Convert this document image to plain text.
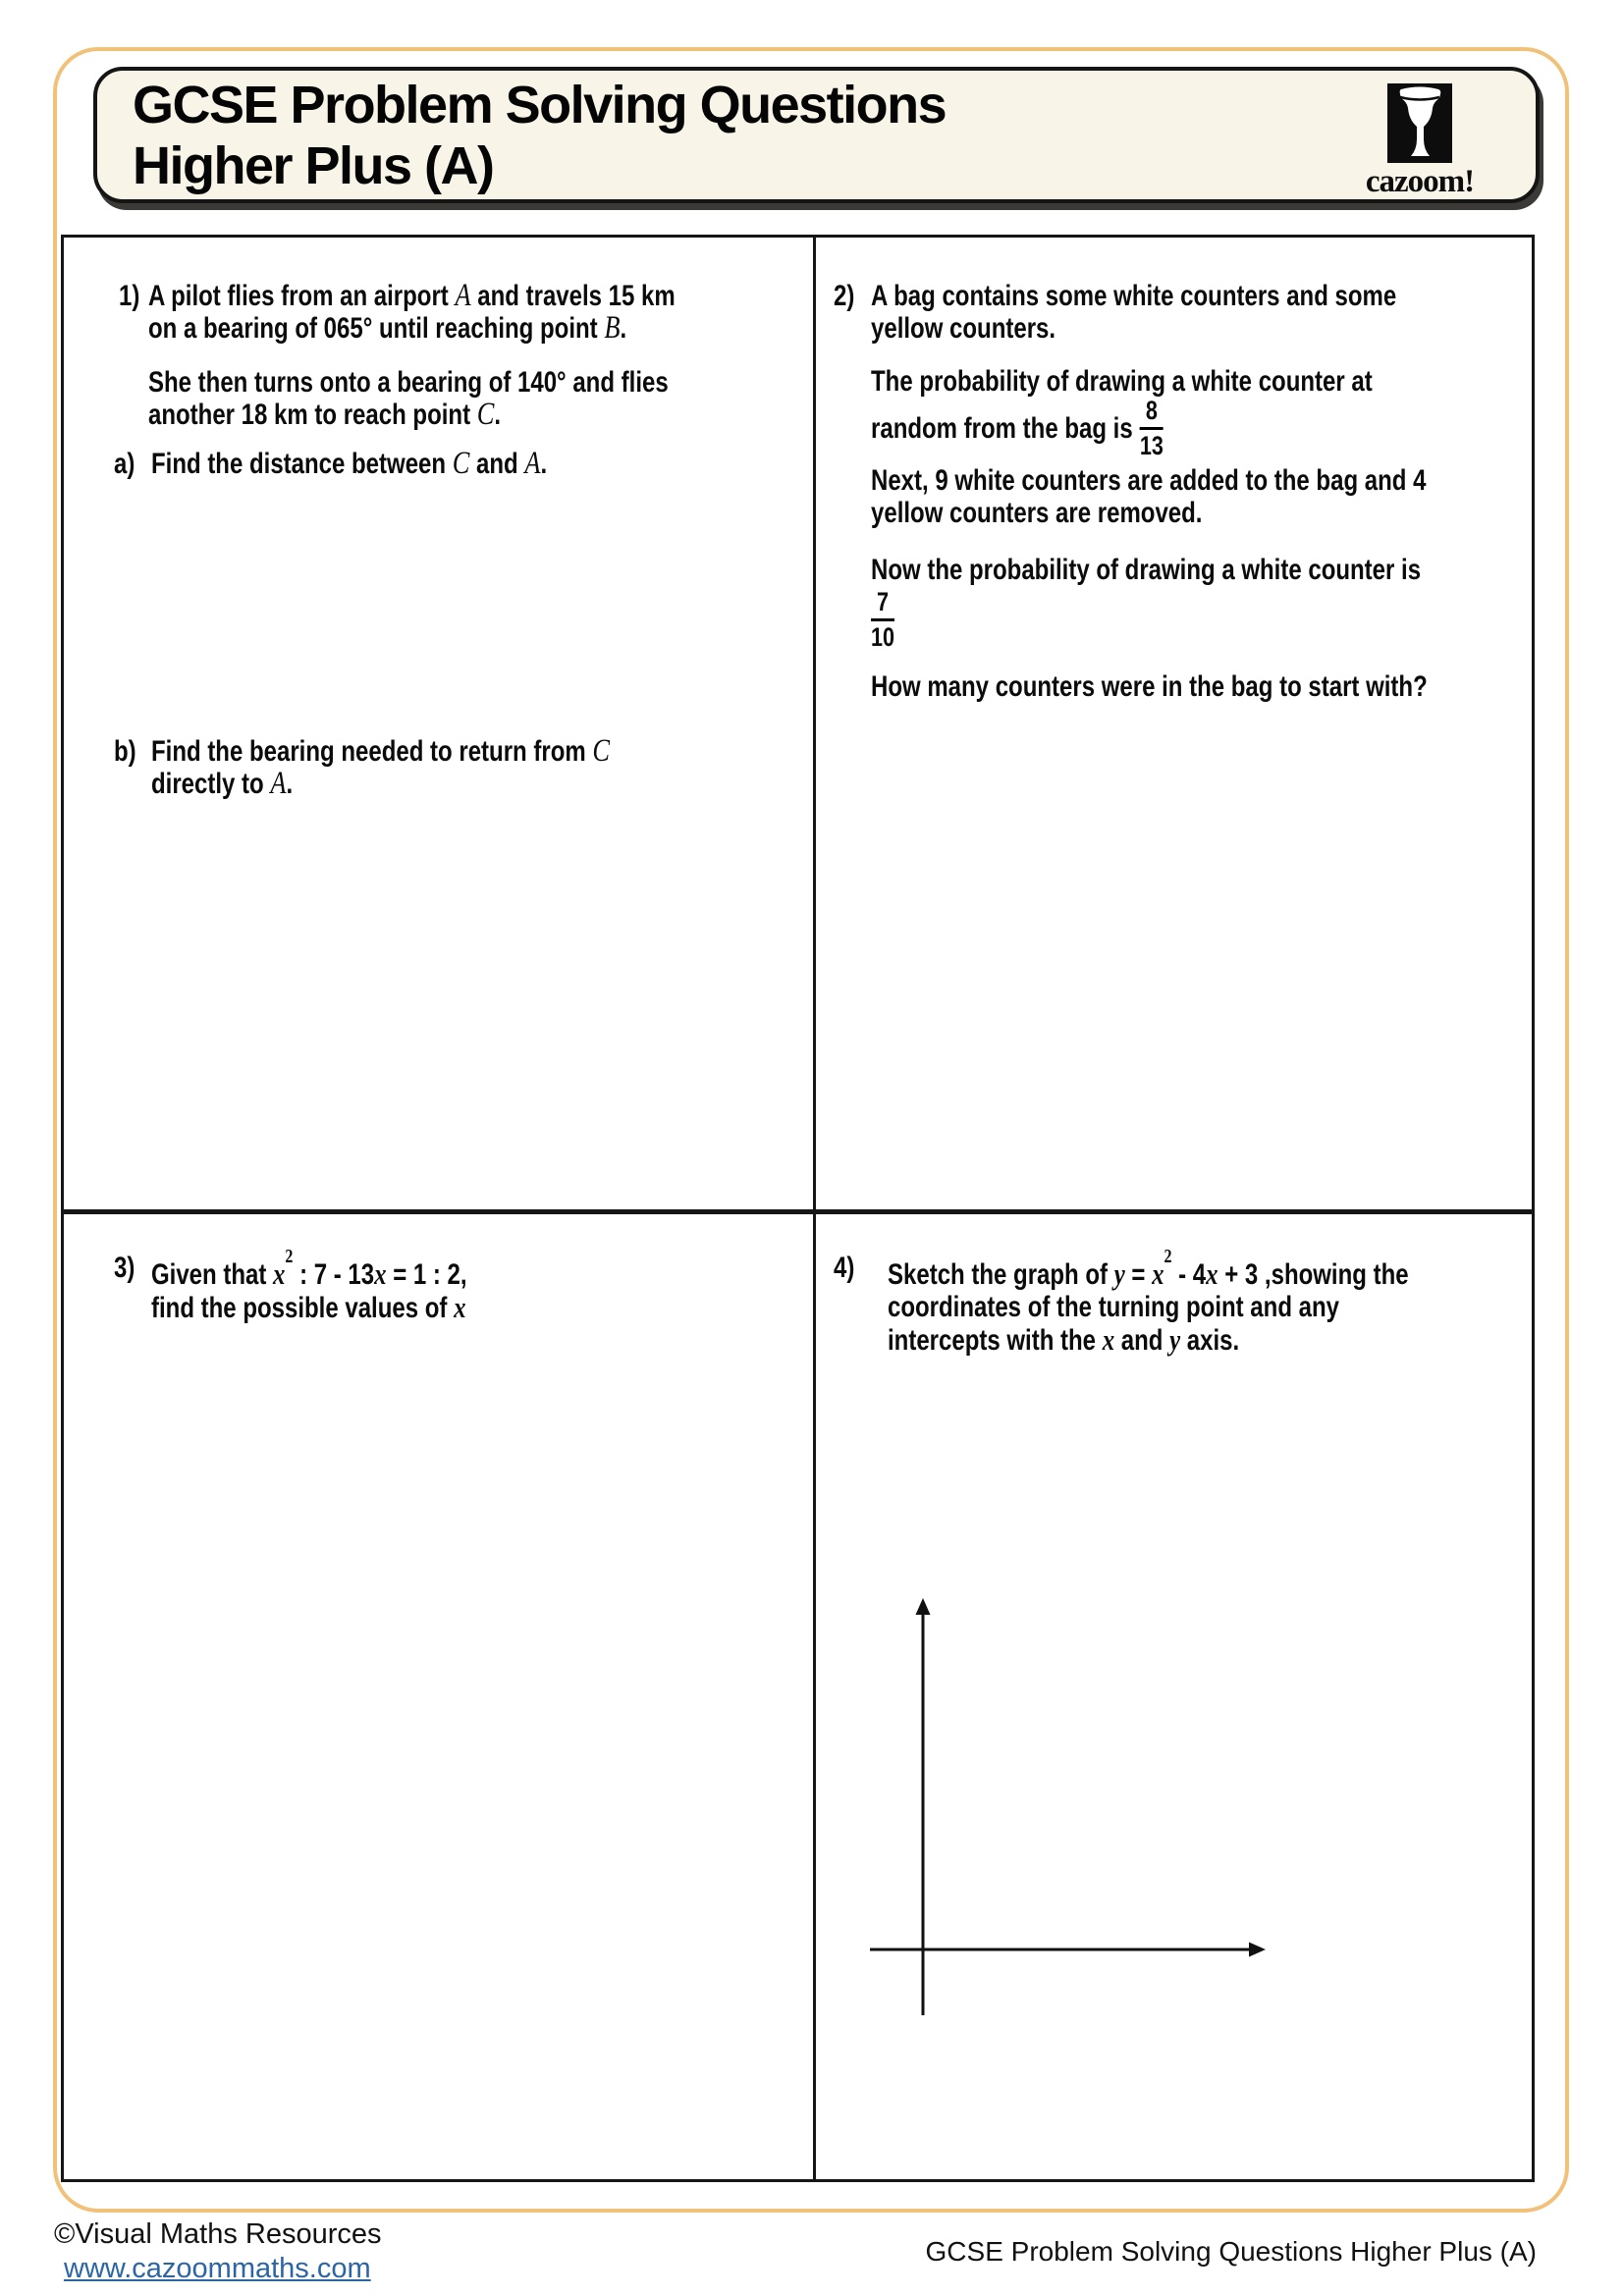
GCSE Problem Solving Questions
Higher Plus (A)	cazoom!
1) A pilot flies from an airport A and travels 15 km
on a bearing of 065° until reaching point B.
She then turns onto a bearing of 140° and flies
another 18 km to reach point C.
a) Find the distance between C and A.
b) Find the bearing needed to return from C
directly to A.
2) A bag contains some white counters and some
yellow counters.
The probability of drawing a white counter at
random from the bag is $\frac{8}{13}$
Next, 9 white counters are added to the bag and 4
yellow counters are removed.
Now the probability of drawing a white counter is
$\frac{7}{10}$
How many counters were in the bag to start with?
3) Given that $x^2$ : 7 - 13x = 1 : 2,
find the possible values of x
4) Sketch the graph of $y = x^2 - 4x + 3$ ,showing the
coordinates of the turning point and any
intercepts with the x and y axis.
©Visual Maths Resources
www.cazoommaths.com
GCSE Problem Solving Questions Higher Plus (A)
